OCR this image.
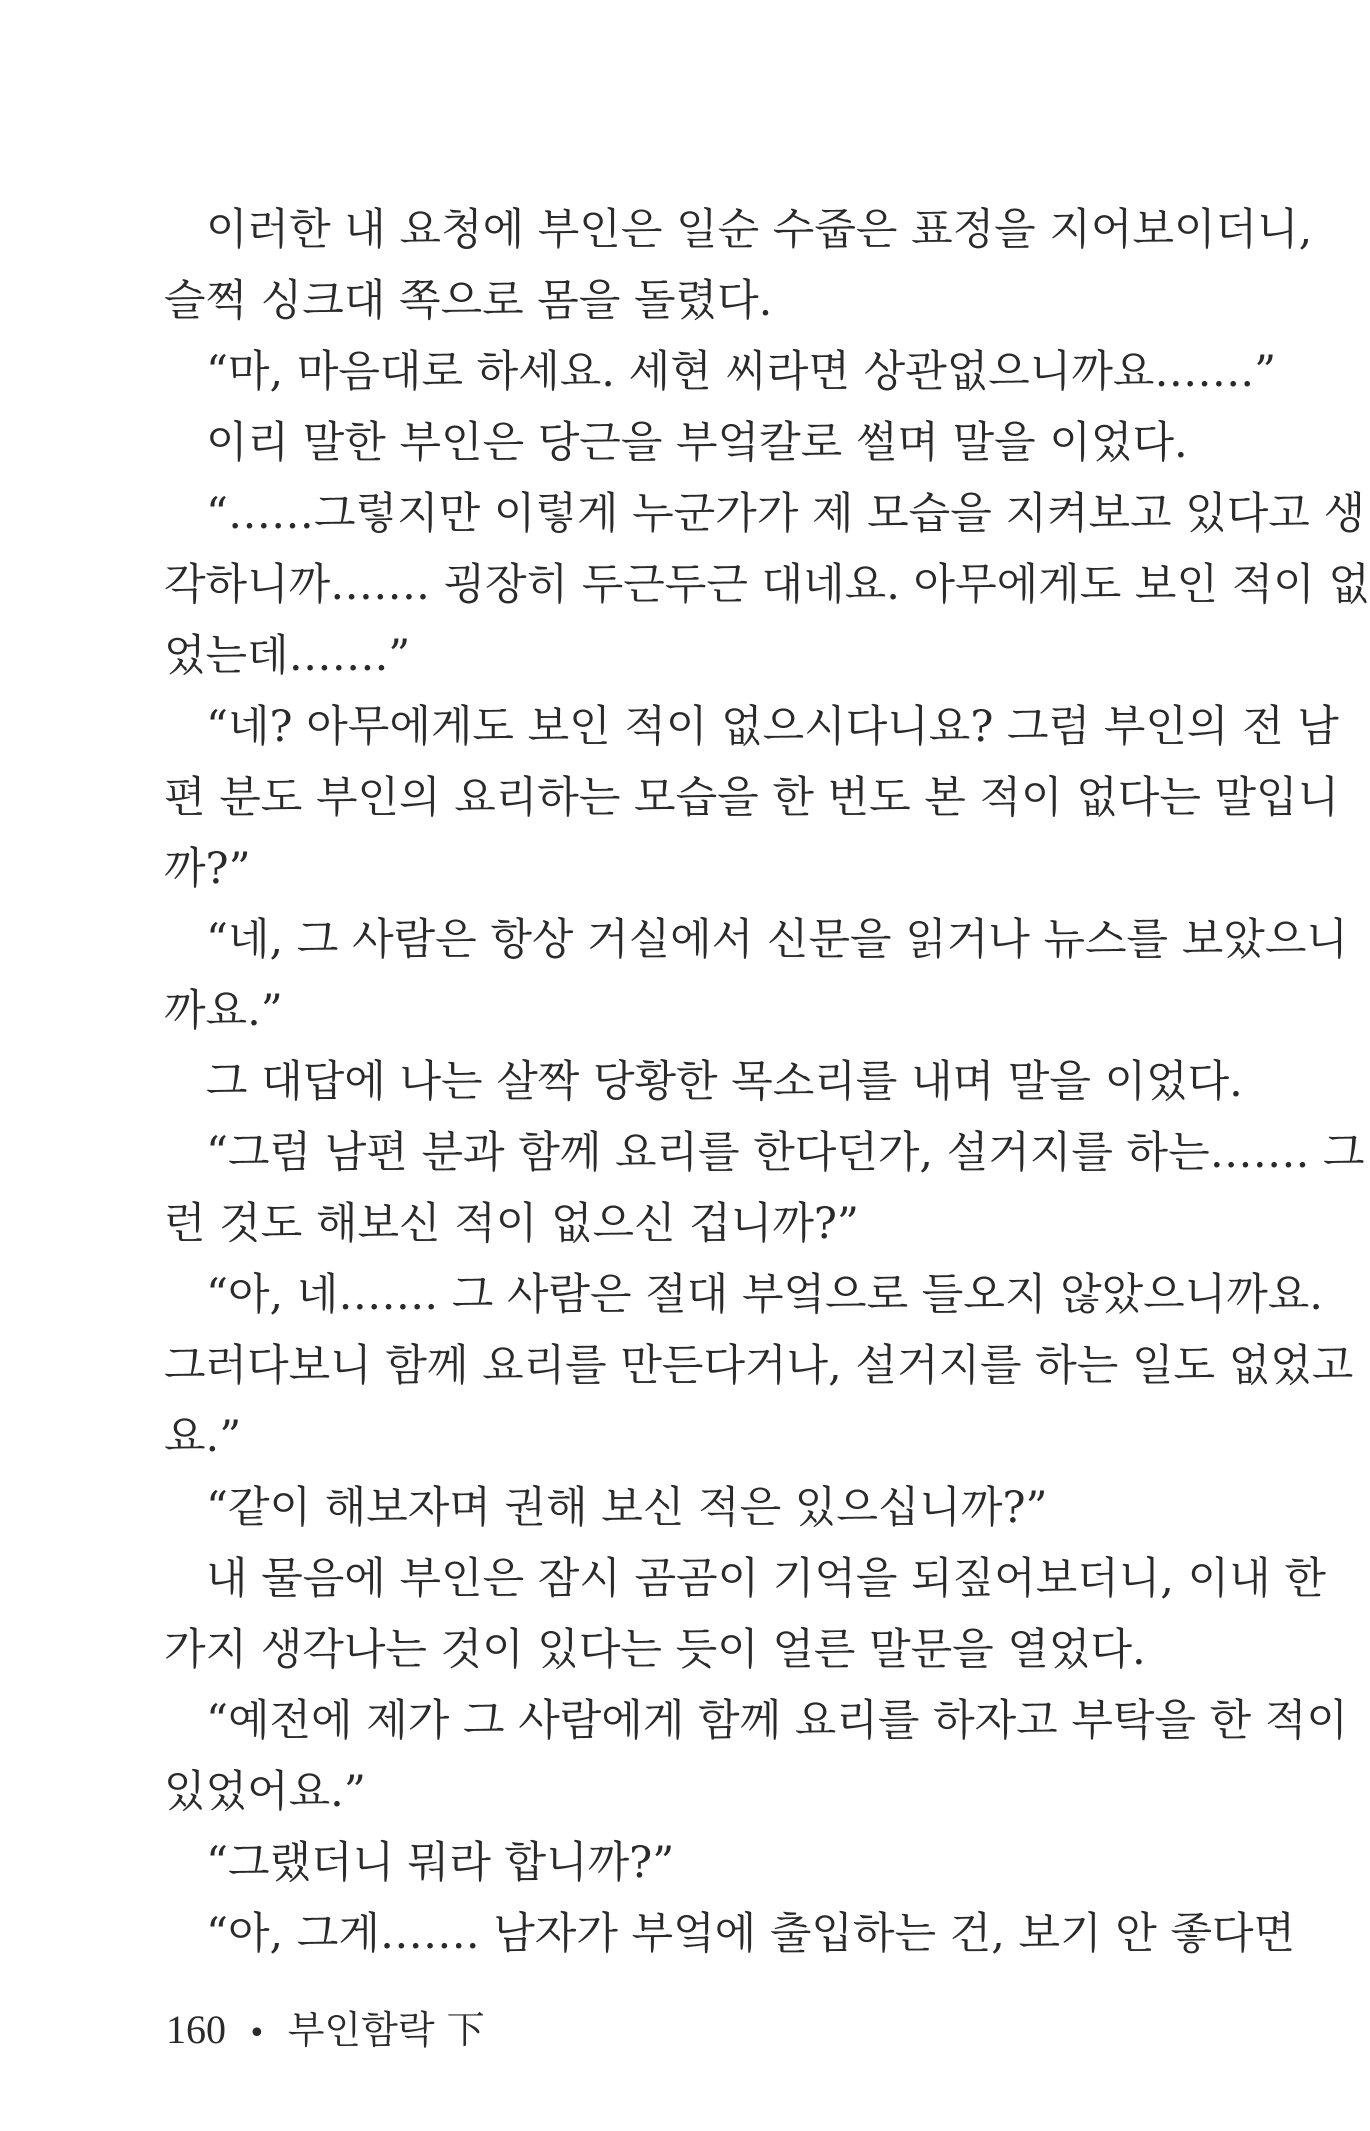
이러한 내 요청에 부인은 일순 수줍은 표정을 지어보이더니,
슬쩍 싱크대 쪽으로 몸을 돌렸다.
“마, 마음대로 하세요. 세현 씨라면 상관없으니까요…….”
이리 말한 부인은 당근을 부엌칼로 썰며 말을 이었다.
“……그렇지만 이렇게 누군가가 제 모습을 지켜보고 있다고 생
각하니까……. 굉장히 두근두근 대네요. 아무에게도 보인 적이 없
었는데…….”
“네? 아무에게도 보인 적이 없으시다니요? 그럼 부인의 전 남
편 분도 부인의 요리하는 모습을 한 번도 본 적이 없다는 말입니
까?”
“네, 그 사람은 항상 거실에서 신문을 읽거나 뉴스를 보았으니
까요.”
그 대답에 나는 살짝 당황한 목소리를 내며 말을 이었다.
“그럼 남편 분과 함께 요리를 한다던가, 설거지를 하는……. 그
런 것도 해보신 적이 없으신 겁니까?”
“아, 네……. 그 사람은 절대 부엌으로 들오지 않았으니까요.
그러다보니 함께 요리를 만든다거나, 설거지를 하는 일도 없었고
요.”
“같이 해보자며 권해 보신 적은 있으십니까?”
내 물음에 부인은 잠시 곰곰이 기억을 되짚어보더니, 이내 한
가지 생각나는 것이 있다는 듯이 얼른 말문을 열었다.
“예전에 제가 그 사람에게 함께 요리를 하자고 부탁을 한 적이
있었어요.”
“그랬더니 뭐라 합니까?”
“아, 그게……. 남자가 부엌에 출입하는 건, 보기 안 좋다면
160 • 부인함락 下
